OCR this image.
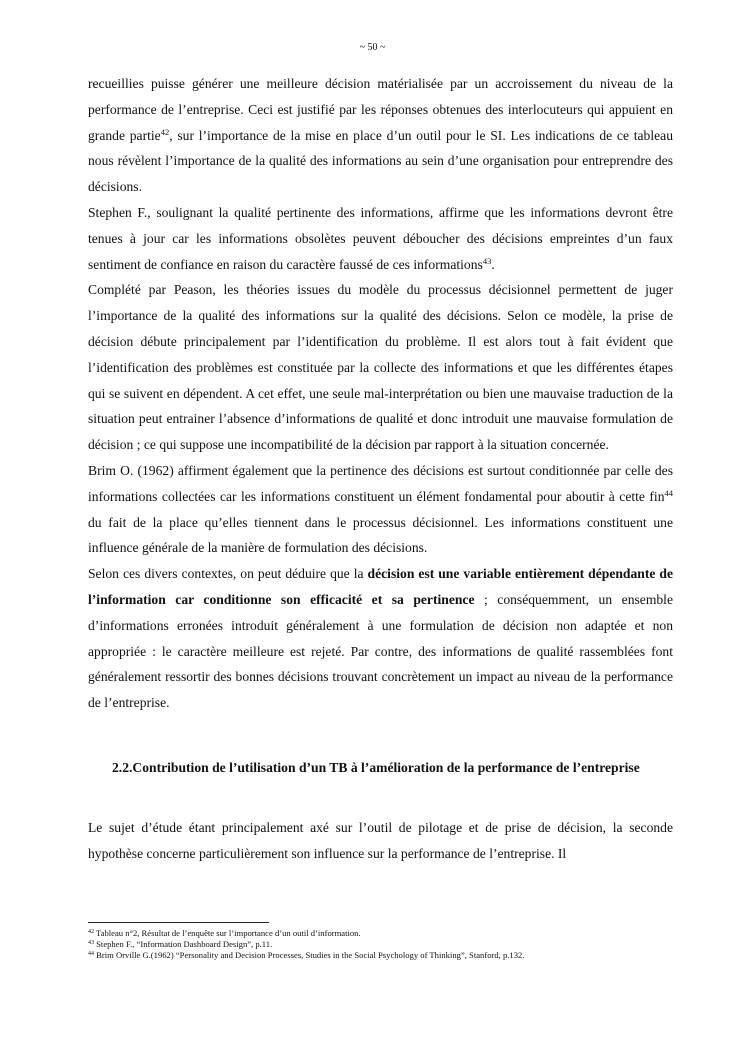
~ 50 ~

recueillies puisse générer une meilleure décision matérialisée par un accroissement du niveau de la performance de l’entreprise. Ceci est justifié par les réponses obtenues des interlocuteurs qui appuient en grande partie$^{42}$, sur l’importance de la mise en place d’un outil pour le SI. Les indications de ce tableau nous révèlent l’importance de la qualité des informations au sein d’une organisation pour entreprendre des décisions.

Stephen F., soulignant la qualité pertinente des informations, affirme que les informations devront être tenues à jour car les informations obsolètes peuvent déboucher des décisions empreintes d’un faux sentiment de confiance en raison du caractère faussé de ces informations$^{43}$.

Complété par Peason, les théories issues du modèle du processus décisionnel permettent de juger l’importance de la qualité des informations sur la qualité des décisions. Selon ce modèle, la prise de décision débute principalement par l’identification du problème. Il est alors tout à fait évident que l’identification des problèmes est constituée par la collecte des informations et que les différentes étapes qui se suivent en dépendent. A cet effet, une seule mal-interprétation ou bien une mauvaise traduction de la situation peut entrainer l’absence d’informations de qualité et donc introduit une mauvaise formulation de décision ; ce qui suppose une incompatibilité de la décision par rapport à la situation concernée.

Brim O. (1962) affirment également que la pertinence des décisions est surtout conditionnée par celle des informations collectées car les informations constituent un élément fondamental pour aboutir à cette fin$^{44}$ du fait de la place qu’elles tiennent dans le processus décisionnel. Les informations constituent une influence générale de la manière de formulation des décisions.

Selon ces divers contextes, on peut déduire que la décision est une variable entièrement dépendante de l’information car conditionne son efficacité et sa pertinence ; conséquemment, un ensemble d’informations erronées introduit généralement à une formulation de décision non adaptée et non appropriée : le caractère meilleure est rejeté. Par contre, des informations de qualité rassemblées font généralement ressortir des bonnes décisions trouvant concrètement un impact au niveau de la performance de l’entreprise.

2.2.Contribution de l’utilisation d’un TB à l’amélioration de la performance de l’entreprise

Le sujet d’étude étant principalement axé sur l’outil de pilotage et de prise de décision, la seconde hypothèse concerne particulièrement son influence sur la performance de l’entreprise. Il

$^{42}$ Tableau n°2, Résultat de l’enquête sur l’importance d’un outil d’information.
$^{43}$ Stephen F., “Information Dashboard Design”, p.11.
$^{44}$ Brim Orville G.(1962) “Personality and Decision Processes, Studies in the Social Psychology of Thinking”, Stanford, p.132.
